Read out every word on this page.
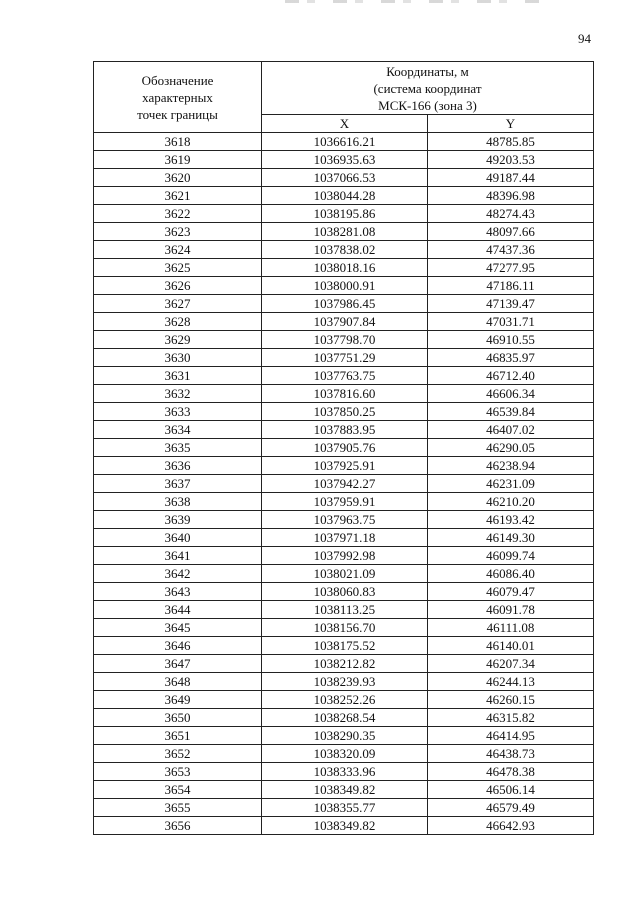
94
Обозначение
характерных
точек границы	Координаты, м
(система координат
МСК-166 (зона 3)	

	X	Y
3618	1036616.21	48785.85
3619	1036935.63	49203.53
3620	1037066.53	49187.44
3621	1038044.28	48396.98
3622	1038195.86	48274.43
3623	1038281.08	48097.66
3624	1037838.02	47437.36
3625	1038018.16	47277.95
3626	1038000.91	47186.11
3627	1037986.45	47139.47
3628	1037907.84	47031.71
3629	1037798.70	46910.55
3630	1037751.29	46835.97
3631	1037763.75	46712.40
3632	1037816.60	46606.34
3633	1037850.25	46539.84
3634	1037883.95	46407.02
3635	1037905.76	46290.05
3636	1037925.91	46238.94
3637	1037942.27	46231.09
3638	1037959.91	46210.20
3639	1037963.75	46193.42
3640	1037971.18	46149.30
3641	1037992.98	46099.74
3642	1038021.09	46086.40
3643	1038060.83	46079.47
3644	1038113.25	46091.78
3645	1038156.70	46111.08
3646	1038175.52	46140.01
3647	1038212.82	46207.34
3648	1038239.93	46244.13
3649	1038252.26	46260.15
3650	1038268.54	46315.82
3651	1038290.35	46414.95
3652	1038320.09	46438.73
3653	1038333.96	46478.38
3654	1038349.82	46506.14
3655	1038355.77	46579.49
3656	1038349.82	46642.93
